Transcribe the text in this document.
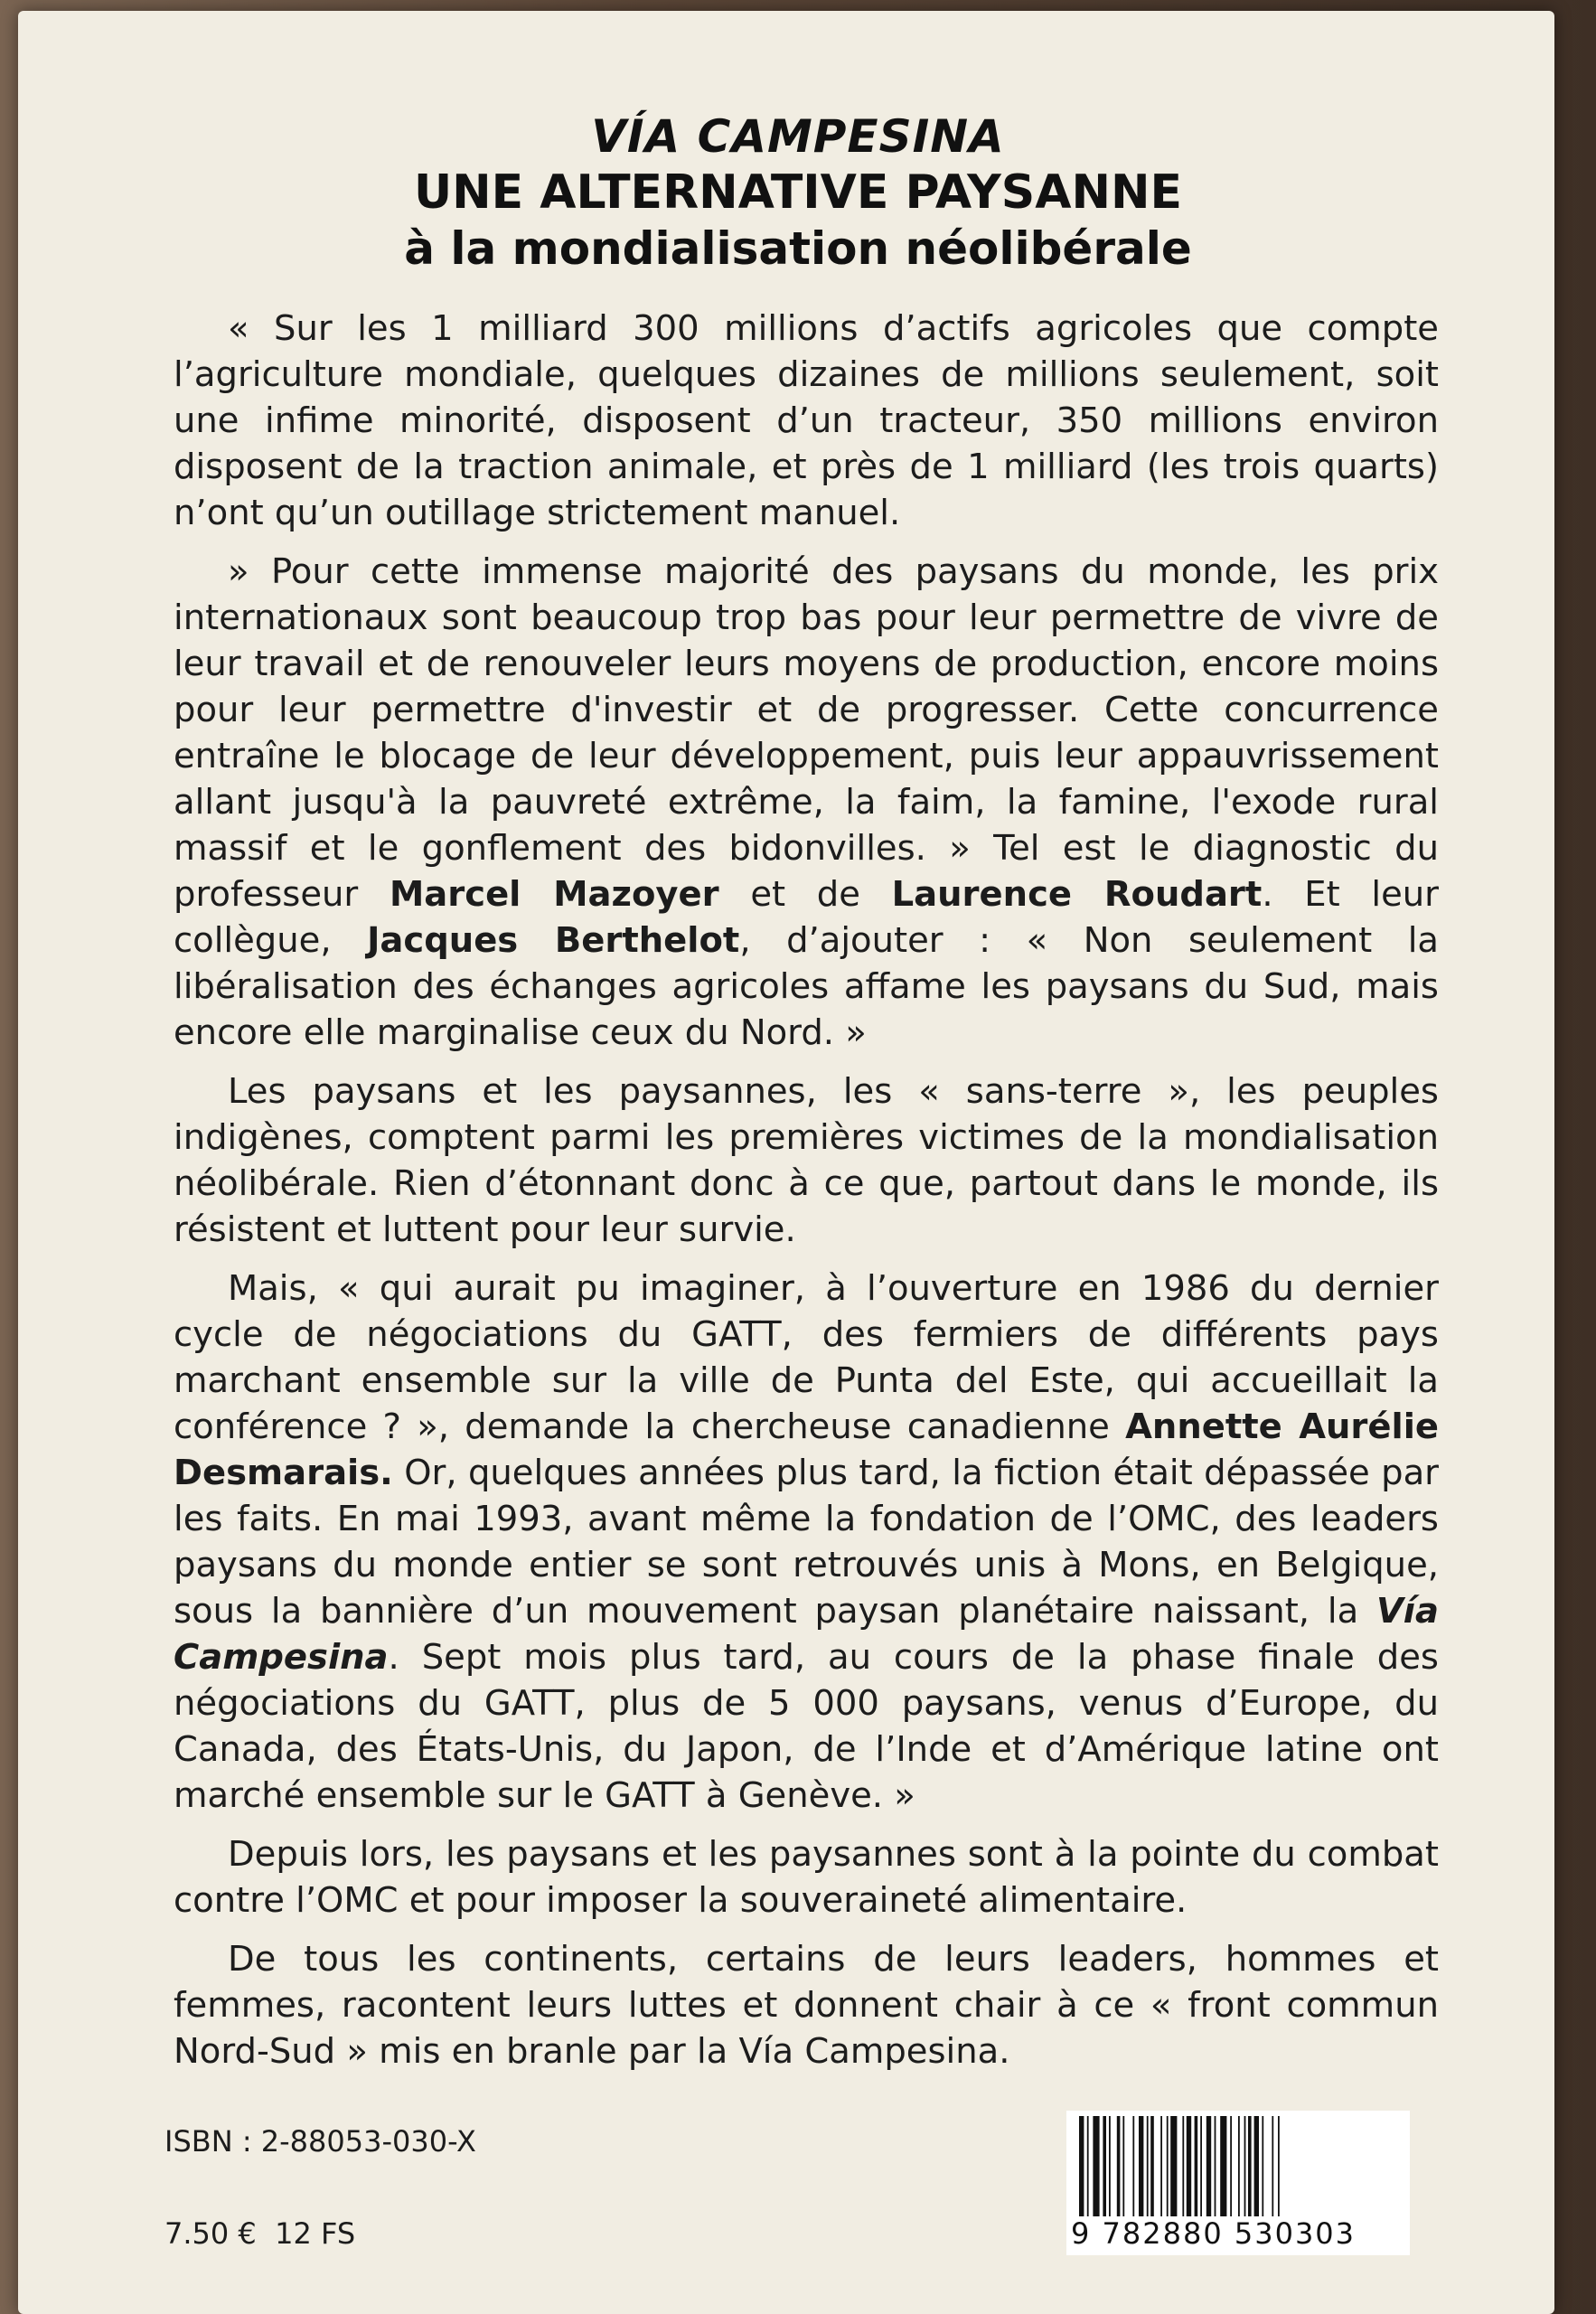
VÍA CAMPESINA
UNE ALTERNATIVE PAYSANNE
à la mondialisation néolibérale

« Sur les 1 milliard 300 millions d’actifs agricoles que compte l’agriculture mondiale, quelques dizaines de millions seulement, soit une infime minorité, disposent d’un tracteur, 350 millions environ disposent de la traction animale, et près de 1 milliard (les trois quarts) n’ont qu’un outillage strictement manuel.

» Pour cette immense majorité des paysans du monde, les prix internationaux sont beaucoup trop bas pour leur permettre de vivre de leur travail et de renouveler leurs moyens de production, encore moins pour leur permettre d'investir et de progresser. Cette concurrence entraîne le blocage de leur développement, puis leur appauvrissement allant jusqu'à la pauvreté extrême, la faim, la famine, l'exode rural massif et le gonflement des bidonvilles. » Tel est le diagnostic du professeur Marcel Mazoyer et de Laurence Roudart. Et leur collègue, Jacques Berthelot, d’ajouter : « Non seulement la libéralisation des échanges agricoles affame les paysans du Sud, mais encore elle marginalise ceux du Nord. »

Les paysans et les paysannes, les « sans-terre », les peuples indigènes, comptent parmi les premières victimes de la mondialisation néolibérale. Rien d’étonnant donc à ce que, partout dans le monde, ils résistent et luttent pour leur survie.

Mais, « qui aurait pu imaginer, à l’ouverture en 1986 du dernier cycle de négociations du GATT, des fermiers de différents pays marchant ensemble sur la ville de Punta del Este, qui accueillait la conférence ? », demande la chercheuse canadienne Annette Aurélie Desmarais. Or, quelques années plus tard, la fiction était dépassée par les faits. En mai 1993, avant même la fondation de l’OMC, des leaders paysans du monde entier se sont retrouvés unis à Mons, en Belgique, sous la bannière d’un mouvement paysan planétaire naissant, la Vía Campesina. Sept mois plus tard, au cours de la phase finale des négociations du GATT, plus de 5 000 paysans, venus d’Europe, du Canada, des États-Unis, du Japon, de l’Inde et d’Amérique latine ont marché ensemble sur le GATT à Genève. »

Depuis lors, les paysans et les paysannes sont à la pointe du combat contre l’OMC et pour imposer la souveraineté alimentaire.

De tous les continents, certains de leurs leaders, hommes et femmes, racontent leurs luttes et donnent chair à ce « front commun Nord-Sud » mis en branle par la Vía Campesina.

ISBN : 2-88053-030-X
7.50 €  12 FS	9 782880 530303
